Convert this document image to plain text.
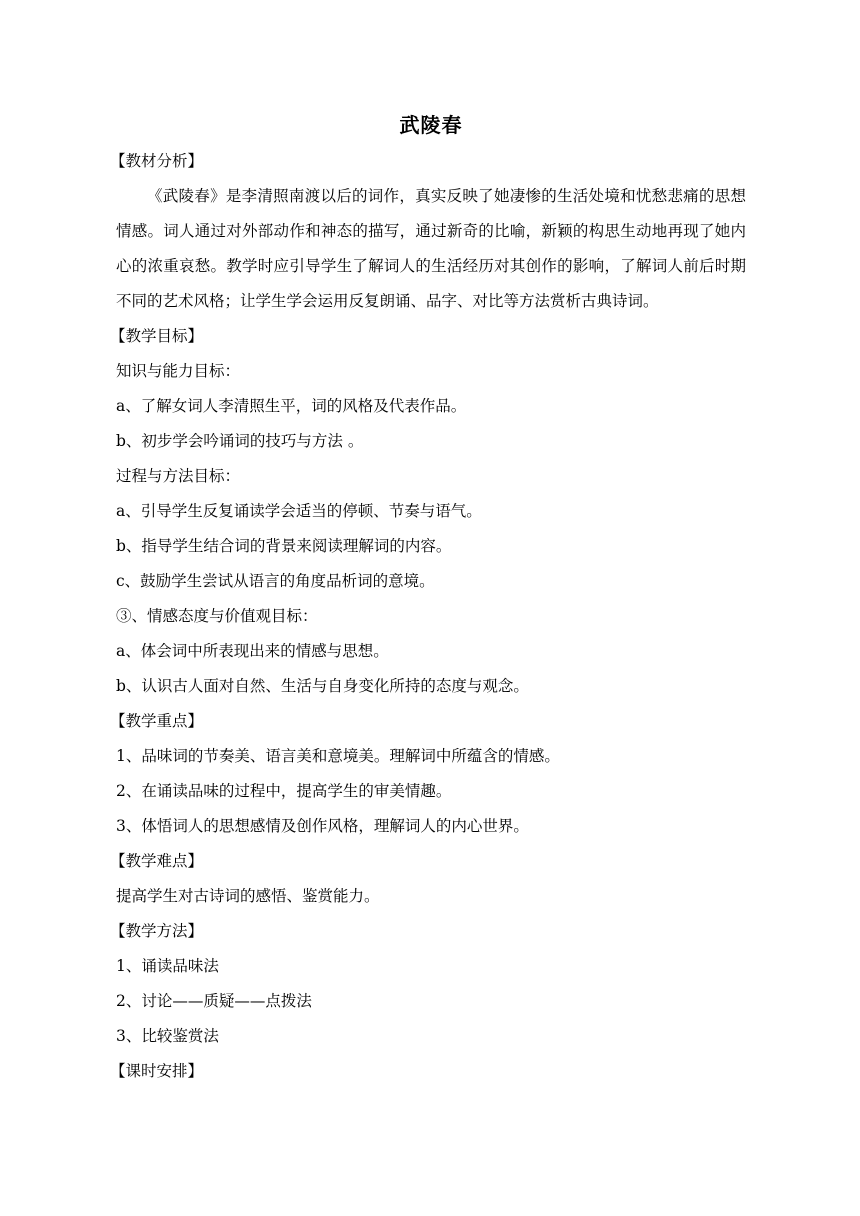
武陵春
【教材分析】

《武陵春》是李清照南渡以后的词作，真实反映了她凄惨的生活处境和忧愁悲痛的思想情感。词人通过对外部动作和神态的描写，通过新奇的比喻，新颖的构思生动地再现了她内心的浓重哀愁。教学时应引导学生了解词人的生活经历对其创作的影响，了解词人前后时期不同的艺术风格；让学生学会运用反复朗诵、品字、对比等方法赏析古典诗词。

【教学目标】
知识与能力目标：
a、了解女词人李清照生平，词的风格及代表作品。
b、初步学会吟诵词的技巧与方法 。
过程与方法目标：
a、引导学生反复诵读学会适当的停顿、节奏与语气。
b、指导学生结合词的背景来阅读理解词的内容。
c、鼓励学生尝试从语言的角度品析词的意境。
③、情感态度与价值观目标：
a、体会词中所表现出来的情感与思想。
b、认识古人面对自然、生活与自身变化所持的态度与观念。
【教学重点】
1、品味词的节奏美、语言美和意境美。理解词中所蕴含的情感。
2、在诵读品味的过程中，提高学生的审美情趣。
3、体悟词人的思想感情及创作风格，理解词人的内心世界。
【教学难点】
提高学生对古诗词的感悟、鉴赏能力。
【教学方法】
1、诵读品味法
2、讨论——质疑——点拨法
3、比较鉴赏法
【课时安排】
